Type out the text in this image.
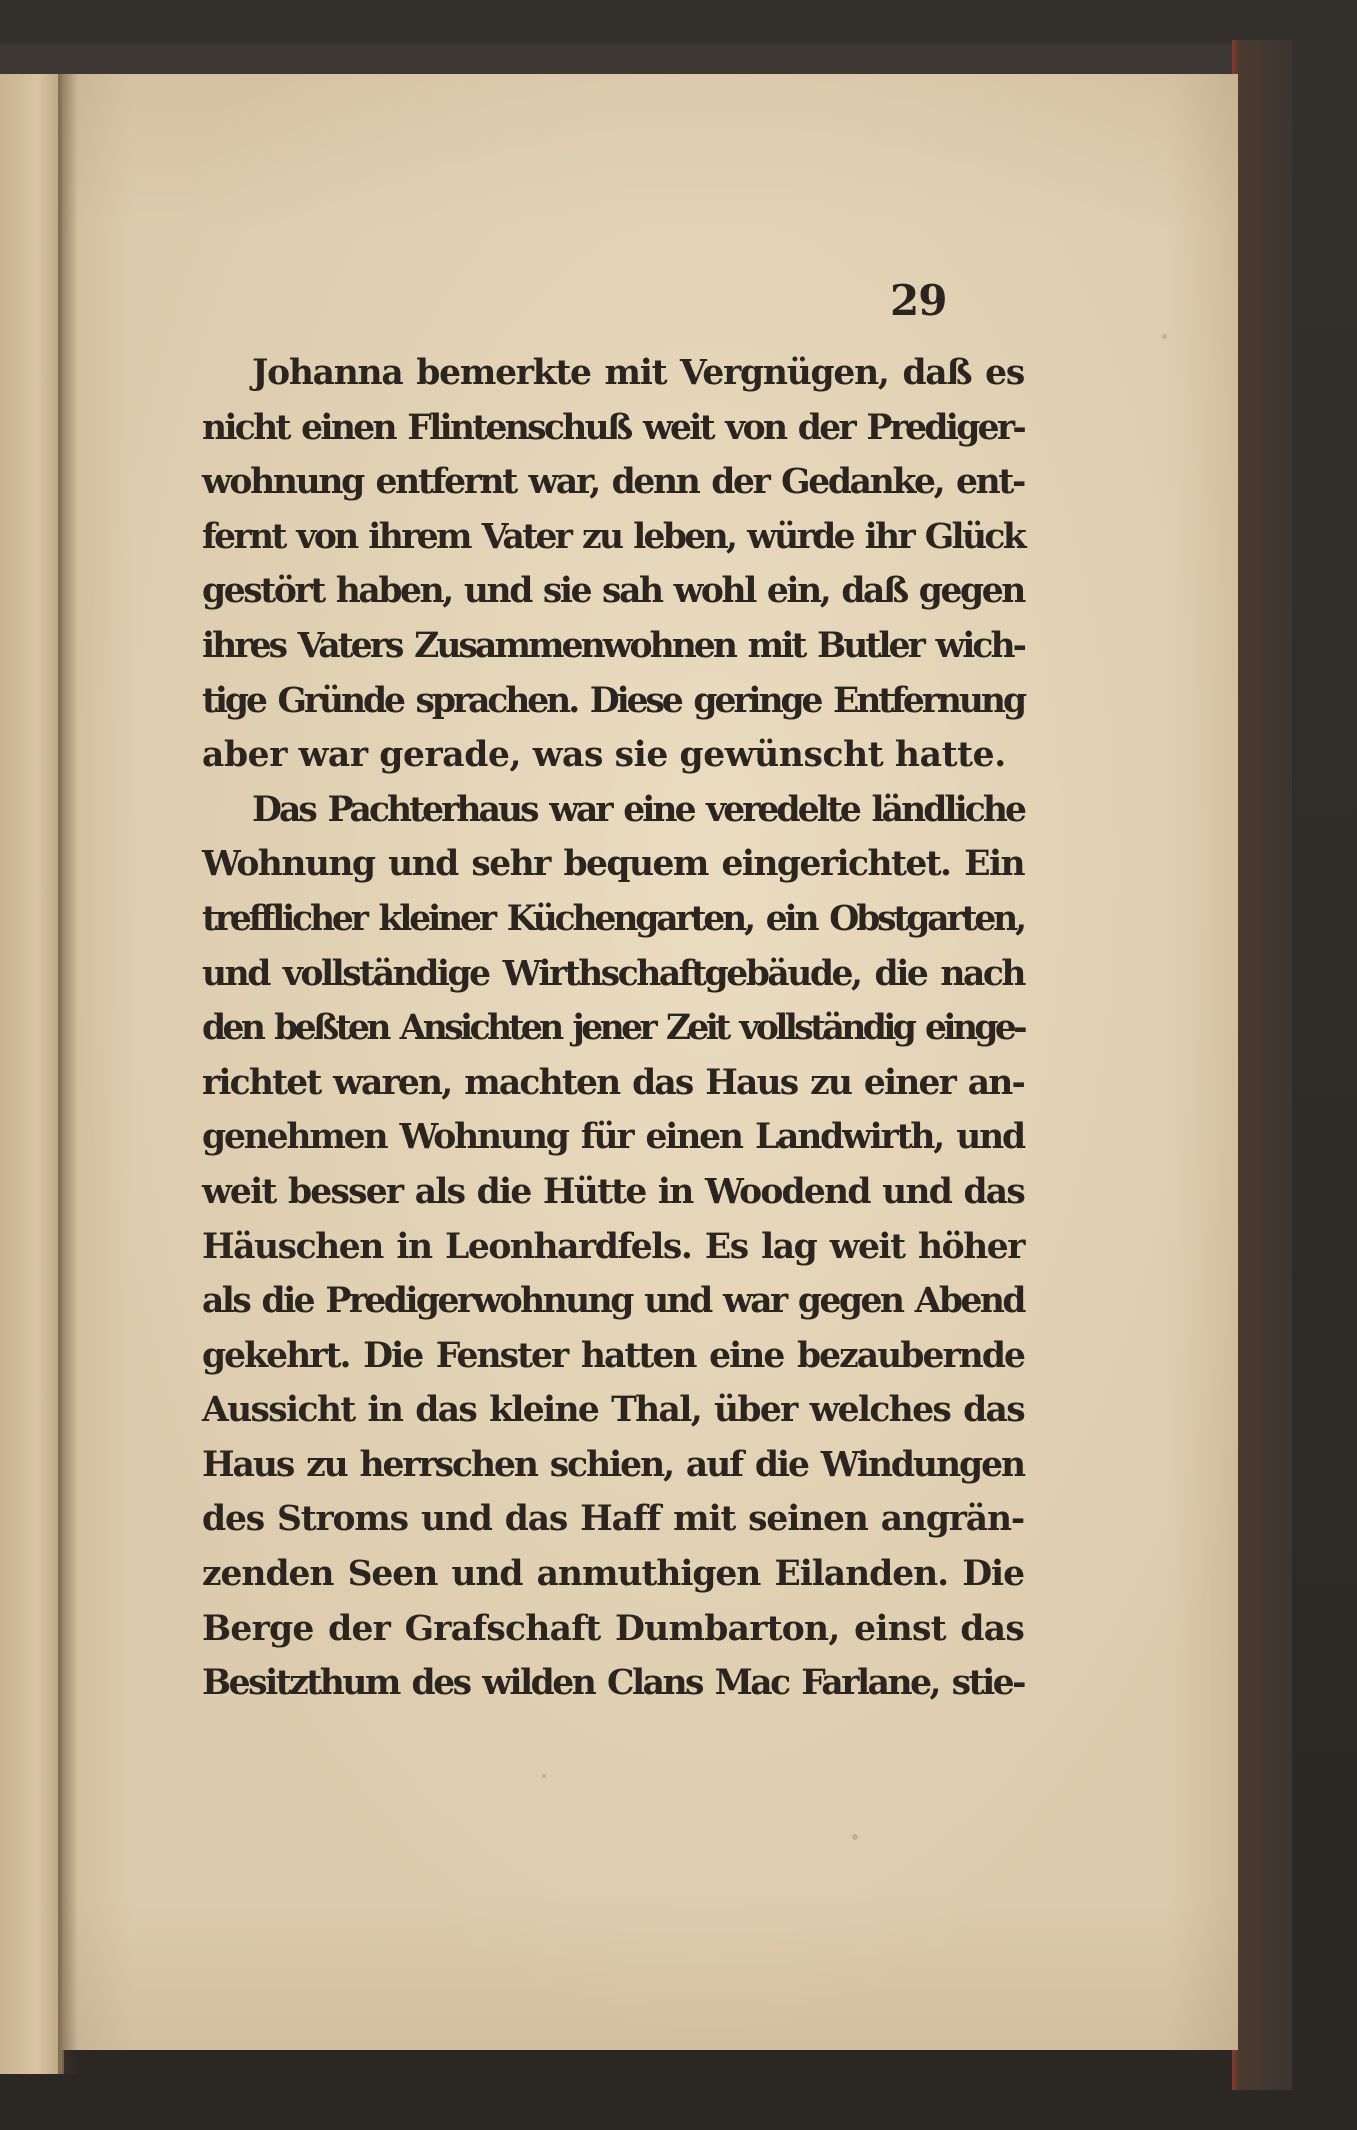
29
Johanna bemerkte mit Vergnügen, daß es
nicht einen Flintenschuß weit von der Prediger-
wohnung entfernt war, denn der Gedanke, ent-
fernt von ihrem Vater zu leben, würde ihr Glück
gestört haben, und sie sah wohl ein, daß gegen
ihres Vaters Zusammenwohnen mit Butler wich-
tige Gründe sprachen. Diese geringe Entfernung
aber war gerade, was sie gewünscht hatte.
Das Pachterhaus war eine veredelte ländliche
Wohnung und sehr bequem eingerichtet. Ein
trefflicher kleiner Küchengarten, ein Obstgarten,
und vollständige Wirthschaftgebäude, die nach
den beßten Ansichten jener Zeit vollständig einge-
richtet waren, machten das Haus zu einer an-
genehmen Wohnung für einen Landwirth, und
weit besser als die Hütte in Woodend und das
Häuschen in Leonhardfels. Es lag weit höher
als die Predigerwohnung und war gegen Abend
gekehrt. Die Fenster hatten eine bezaubernde
Aussicht in das kleine Thal, über welches das
Haus zu herrschen schien, auf die Windungen
des Stroms und das Haff mit seinen angrän-
zenden Seen und anmuthigen Eilanden. Die
Berge der Grafschaft Dumbarton, einst das
Besitzthum des wilden Clans Mac Farlane, stie-
